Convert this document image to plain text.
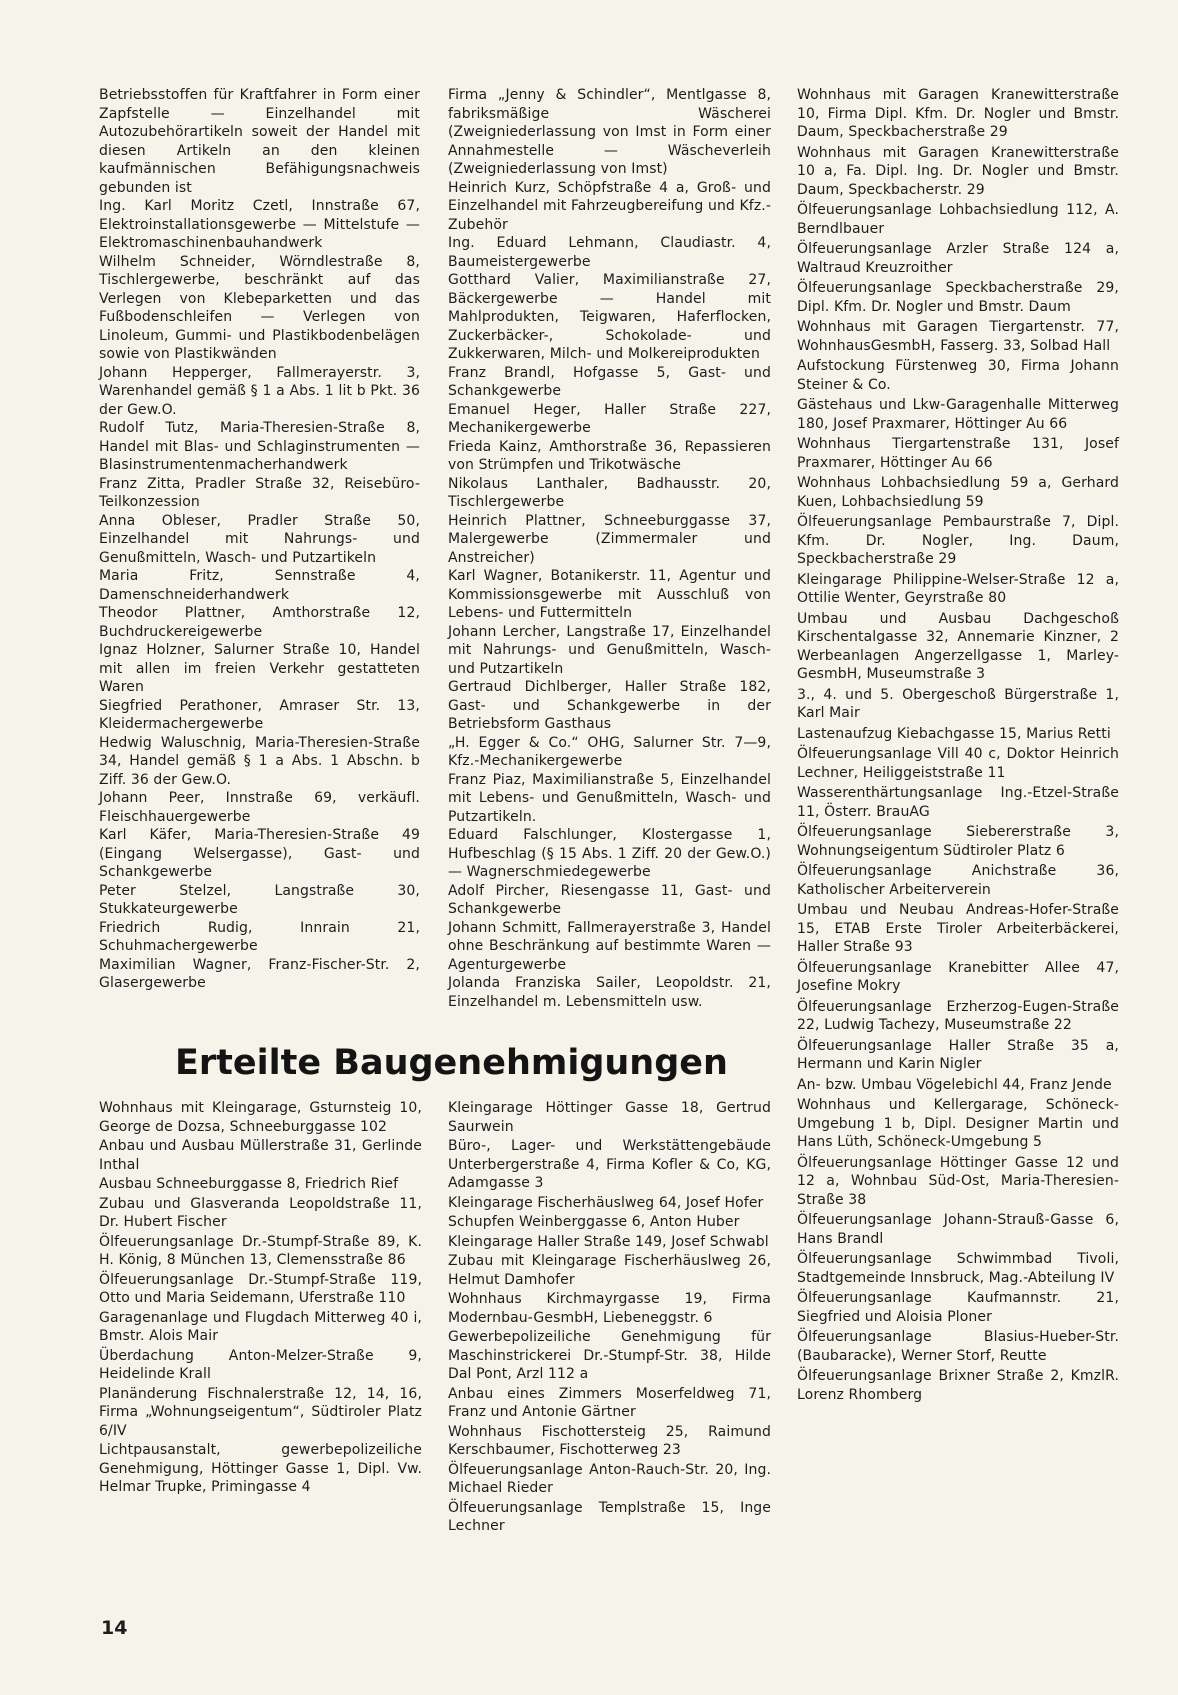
Betriebsstoffen für Kraftfahrer in Form einer Zapfstelle — Einzelhandel mit Autozubehörartikeln soweit der Handel mit diesen Artikeln an den kleinen kaufmännischen Befähigungsnachweis gebunden ist
Ing. Karl Moritz Czetl, Innstraße 67, Elektroinstallationsgewerbe — Mittelstufe — Elektromaschinenbauhandwerk
Wilhelm Schneider, Wörndlestraße 8, Tischlergewerbe, beschränkt auf das Verlegen von Klebeparketten und das Fußbodenschleifen — Verlegen von Linoleum, Gummi- und Plastikbodenbelägen sowie von Plastikwänden
Johann Hepperger, Fallmerayerstr. 3, Warenhandel gemäß § 1 a Abs. 1 lit b Pkt. 36 der Gew.O.
Rudolf Tutz, Maria-Theresien-Straße 8, Handel mit Blas- und Schlaginstrumenten — Blasinstrumentenmacherhandwerk
Franz Zitta, Pradler Straße 32, Reisebüro-Teilkonzession
Anna Obleser, Pradler Straße 50, Einzelhandel mit Nahrungs- und Genußmitteln, Wasch- und Putzartikeln
Maria Fritz, Sennstraße 4, Damenschneiderhandwerk
Theodor Plattner, Amthorstraße 12, Buchdruckereigewerbe
Ignaz Holzner, Salurner Straße 10, Handel mit allen im freien Verkehr gestatteten Waren
Siegfried Perathoner, Amraser Str. 13, Kleidermachergewerbe
Hedwig Waluschnig, Maria-Theresien-Straße 34, Handel gemäß § 1 a Abs. 1 Abschn. b Ziff. 36 der Gew.O.
Johann Peer, Innstraße 69, verkäufl. Fleischhauergewerbe
Karl Käfer, Maria-Theresien-Straße 49 (Eingang Welsergasse), Gast- und Schankgewerbe
Peter Stelzel, Langstraße 30, Stukkateurgewerbe
Friedrich Rudig, Innrain 21, Schuhmachergewerbe
Maximilian Wagner, Franz-Fischer-Str. 2, Glasergewerbe
Firma „Jenny & Schindler“, Mentlgasse 8, fabriksmäßige Wäscherei (Zweigniederlassung von Imst in Form einer Annahmestelle — Wäscheverleih (Zweigniederlassung von Imst)
Heinrich Kurz, Schöpfstraße 4 a, Groß- und Einzelhandel mit Fahrzeugbereifung und Kfz.-Zubehör
Ing. Eduard Lehmann, Claudiastr. 4, Baumeistergewerbe
Gotthard Valier, Maximilianstraße 27, Bäckergewerbe — Handel mit Mahlprodukten, Teigwaren, Haferflocken, Zuckerbäcker-, Schokolade- und Zukkerwaren, Milch- und Molkereiprodukten
Franz Brandl, Hofgasse 5, Gast- und Schankgewerbe
Emanuel Heger, Haller Straße 227, Mechanikergewerbe
Frieda Kainz, Amthorstraße 36, Repassieren von Strümpfen und Trikotwäsche
Nikolaus Lanthaler, Badhausstr. 20, Tischlergewerbe
Heinrich Plattner, Schneeburggasse 37, Malergewerbe (Zimmermaler und Anstreicher)
Karl Wagner, Botanikerstr. 11, Agentur und Kommissionsgewerbe mit Ausschluß von Lebens- und Futtermitteln
Johann Lercher, Langstraße 17, Einzelhandel mit Nahrungs- und Genußmitteln, Wasch- und Putzartikeln
Gertraud Dichlberger, Haller Straße 182, Gast- und Schankgewerbe in der Betriebsform Gasthaus
„H. Egger & Co.“ OHG, Salurner Str. 7—9, Kfz.-Mechanikergewerbe
Franz Piaz, Maximilianstraße 5, Einzelhandel mit Lebens- und Genußmitteln, Wasch- und Putzartikeln.
Eduard Falschlunger, Klostergasse 1, Hufbeschlag (§ 15 Abs. 1 Ziff. 20 der Gew.O.) — Wagnerschmiedegewerbe
Adolf Pircher, Riesengasse 11, Gast- und Schankgewerbe
Johann Schmitt, Fallmerayerstraße 3, Handel ohne Beschränkung auf bestimmte Waren — Agenturgewerbe
Jolanda Franziska Sailer, Leopoldstr. 21, Einzelhandel m. Lebensmitteln usw.
Wohnhaus mit Garagen Kranewitterstraße 10, Firma Dipl. Kfm. Dr. Nogler und Bmstr. Daum, Speckbacherstraße 29
Wohnhaus mit Garagen Kranewitterstraße 10 a, Fa. Dipl. Ing. Dr. Nogler und Bmstr. Daum, Speckbacherstr. 29
Ölfeuerungsanlage Lohbachsiedlung 112, A. Berndlbauer
Ölfeuerungsanlage Arzler Straße 124 a, Waltraud Kreuzroither
Ölfeuerungsanlage Speckbacherstraße 29, Dipl. Kfm. Dr. Nogler und Bmstr. Daum
Wohnhaus mit Garagen Tiergartenstr. 77, WohnhausGesmbH, Fasserg. 33, Solbad Hall
Aufstockung Fürstenweg 30, Firma Johann Steiner & Co.
Gästehaus und Lkw-Garagenhalle Mitterweg 180, Josef Praxmarer, Höttinger Au 66
Wohnhaus Tiergartenstraße 131, Josef Praxmarer, Höttinger Au 66
Wohnhaus Lohbachsiedlung 59 a, Gerhard Kuen, Lohbachsiedlung 59
Ölfeuerungsanlage Pembaurstraße 7, Dipl. Kfm. Dr. Nogler, Ing. Daum, Speckbacherstraße 29
Kleingarage Philippine-Welser-Straße 12 a, Ottilie Wenter, Geyrstraße 80
Umbau und Ausbau Dachgeschoß Kirschentalgasse 32, Annemarie Kinzner, 2 Werbeanlagen Angerzellgasse 1, Marley-GesmbH, Museumstraße 3
3., 4. und 5. Obergeschoß Bürgerstraße 1, Karl Mair
Lastenaufzug Kiebachgasse 15, Marius Retti
Ölfeuerungsanlage Vill 40 c, Doktor Heinrich Lechner, Heiliggeiststraße 11
Wasserenthärtungsanlage Ing.-Etzel-Straße 11, Österr. BrauAG
Ölfeuerungsanlage Siebererstraße 3, Wohnungseigentum Südtiroler Platz 6
Ölfeuerungsanlage Anichstraße 36, Katholischer Arbeiterverein
Umbau und Neubau Andreas-Hofer-Straße 15, ETAB Erste Tiroler Arbeiterbäckerei, Haller Straße 93
Ölfeuerungsanlage Kranebitter Allee 47, Josefine Mokry
Ölfeuerungsanlage Erzherzog-Eugen-Straße 22, Ludwig Tachezy, Museumstraße 22
Ölfeuerungsanlage Haller Straße 35 a, Hermann und Karin Nigler
An- bzw. Umbau Vögelebichl 44, Franz Jende
Wohnhaus und Kellergarage, Schöneck-Umgebung 1 b, Dipl. Designer Martin und Hans Lüth, Schöneck-Umgebung 5
Ölfeuerungsanlage Höttinger Gasse 12 und 12 a, Wohnbau Süd-Ost, Maria-Theresien-Straße 38
Ölfeuerungsanlage Johann-Strauß-Gasse 6, Hans Brandl
Ölfeuerungsanlage Schwimmbad Tivoli, Stadtgemeinde Innsbruck, Mag.-Abteilung IV
Ölfeuerungsanlage Kaufmannstr. 21, Siegfried und Aloisia Ploner
Ölfeuerungsanlage Blasius-Hueber-Str. (Baubaracke), Werner Storf, Reutte
Ölfeuerungsanlage Brixner Straße 2, KmzlR. Lorenz Rhomberg
Erteilte Baugenehmigungen
Wohnhaus mit Kleingarage, Gsturnsteig 10, George de Dozsa, Schneeburggasse 102
Anbau und Ausbau Müllerstraße 31, Gerlinde Inthal
Ausbau Schneeburggasse 8, Friedrich Rief
Zubau und Glasveranda Leopoldstraße 11, Dr. Hubert Fischer
Ölfeuerungsanlage Dr.-Stumpf-Straße 89, K. H. König, 8 München 13, Clemensstraße 86
Ölfeuerungsanlage Dr.-Stumpf-Straße 119, Otto und Maria Seidemann, Uferstraße 110
Garagenanlage und Flugdach Mitterweg 40 i, Bmstr. Alois Mair
Überdachung Anton-Melzer-Straße 9, Heidelinde Krall
Planänderung Fischnalerstraße 12, 14, 16, Firma „Wohnungseigentum“, Südtiroler Platz 6/IV
Lichtpausanstalt, gewerbepolizeiliche Genehmigung, Höttinger Gasse 1, Dipl. Vw. Helmar Trupke, Primingasse 4
Kleingarage Höttinger Gasse 18, Gertrud Saurwein
Büro-, Lager- und Werkstättengebäude Unterbergerstraße 4, Firma Kofler & Co, KG, Adamgasse 3
Kleingarage Fischerhäuslweg 64, Josef Hofer
Schupfen Weinberggasse 6, Anton Huber
Kleingarage Haller Straße 149, Josef Schwabl
Zubau mit Kleingarage Fischerhäuslweg 26, Helmut Damhofer
Wohnhaus Kirchmayrgasse 19, Firma Modernbau-GesmbH, Liebeneggstr. 6
Gewerbepolizeiliche Genehmigung für Maschinstrickerei Dr.-Stumpf-Str. 38, Hilde Dal Pont, Arzl 112 a
Anbau eines Zimmers Moserfeldweg 71, Franz und Antonie Gärtner
Wohnhaus Fischottersteig 25, Raimund Kerschbaumer, Fischotterweg 23
Ölfeuerungsanlage Anton-Rauch-Str. 20, Ing. Michael Rieder
Ölfeuerungsanlage Templstraße 15, Inge Lechner
14
